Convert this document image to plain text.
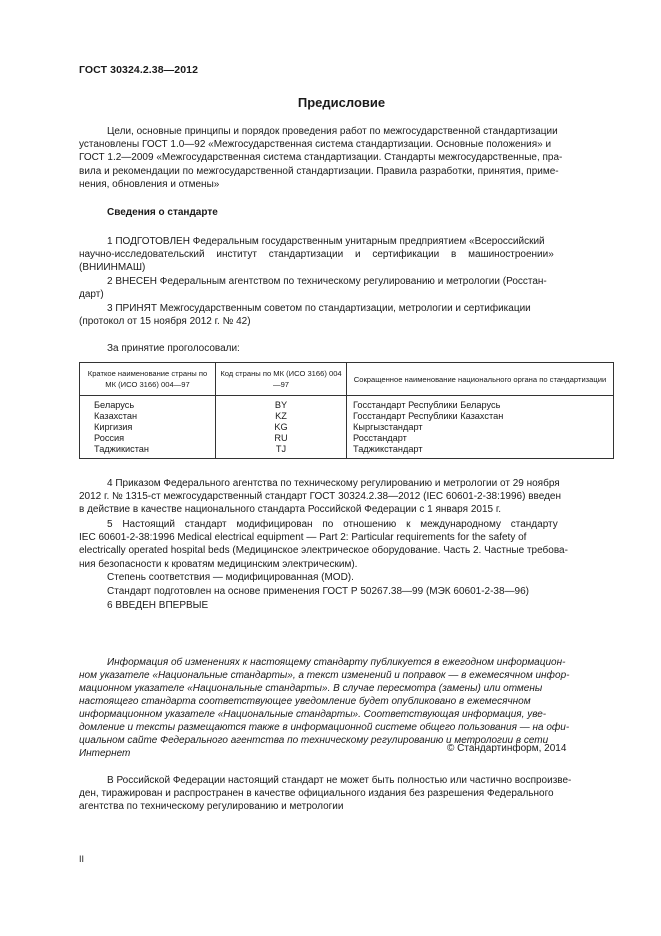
ГОСТ 30324.2.38—2012
Предисловие
Цели, основные принципы и порядок проведения работ по межгосударственной стандартизации
установлены ГОСТ 1.0—92 «Межгосударственная система стандартизации. Основные положения» и
ГОСТ 1.2—2009 «Межгосударственная система стандартизации. Стандарты межгосударственные, пра-
вила и рекомендации по межгосударственной стандартизации. Правила разработки, принятия, приме-
нения, обновления и отмены»
Сведения о стандарте
1 ПОДГОТОВЛЕН Федеральным государственным унитарным предприятием «Всероссийский
научно-исследовательский институт стандартизации и сертификации в машиностроении»
(ВНИИНМАШ)
2 ВНЕСЕН Федеральным агентством по техническому регулированию и метрологии (Росстан-
дарт)
3 ПРИНЯТ Межгосударственным советом по стандартизации, метрологии и сертификации
(протокол от 15 ноября 2012 г. № 42)
За принятие проголосовали:
Краткое наименование страны по МК (ИСО 3166) 004—97	Код страны по МК (ИСО 3166) 004—97	Сокращенное наименование национального органа по стандартизации
Беларусь	BY	Госстандарт Республики Беларусь
Казахстан	KZ	Госстандарт Республики Казахстан
Киргизия	KG	Кыргызстандарт
Россия	RU	Росстандарт
Таджикистан	TJ	Таджикстандарт
4 Приказом Федерального агентства по техническому регулированию и метрологии от 29 ноября
2012 г. № 1315-ст межгосударственный стандарт ГОСТ 30324.2.38—2012 (IEC 60601-2-38:1996) введен
в действие в качестве национального стандарта Российской Федерации с 1 января 2015 г.
5 Настоящий стандарт модифицирован по отношению к международному стандарту
IEC 60601-2-38:1996 Medical electrical equipment — Part 2: Particular requirements for the safety of
electrically operated hospital beds (Медицинское электрическое оборудование. Часть 2. Частные требова-
ния безопасности к кроватям медицинским электрическим).
Степень соответствия — модифицированная (MOD).
Стандарт подготовлен на основе применения ГОСТ Р 50267.38—99 (МЭК 60601-2-38—96)
6 ВВЕДЕН ВПЕРВЫЕ
Информация об изменениях к настоящему стандарту публикуется в ежегодном информацион-
ном указателе «Национальные стандарты», а текст изменений и поправок — в ежемесячном инфор-
мационном указателе «Национальные стандарты». В случае пересмотра (замены) или отмены
настоящего стандарта соответствующее уведомление будет опубликовано в ежемесячном
информационном указателе «Национальные стандарты». Соответствующая информация, уве-
домление и тексты размещаются также в информационной системе общего пользования — на офи-
циальном сайте Федерального агентства по техническому регулированию и метрологии в сети
Интернет	© Стандартинформ, 2014
В Российской Федерации настоящий стандарт не может быть полностью или частично воспроизве-
ден, тиражирован и распространен в качестве официального издания без разрешения Федерального
агентства по техническому регулированию и метрологии
II
